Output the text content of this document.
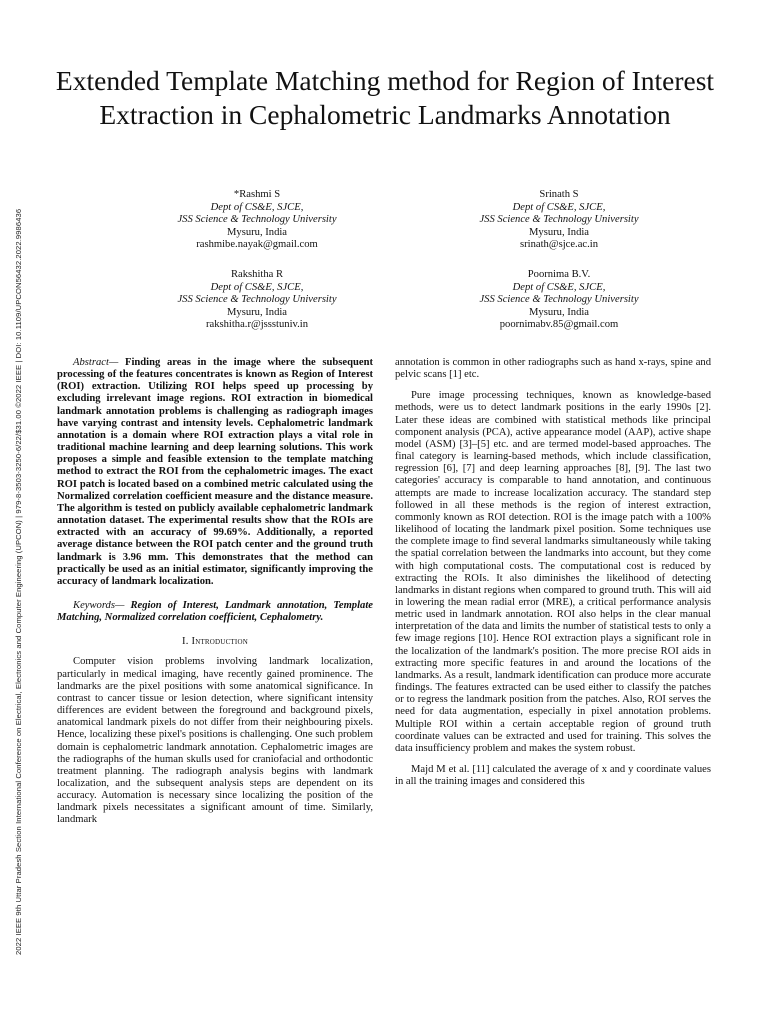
2022 IEEE 9th Uttar Pradesh Section International Conference on Electrical, Electronics and Computer Engineering (UPCON) | 979-8-3503-3250-6/22/$31.00 ©2022 IEEE | DOI: 10.1109/UPCON56432.2022.9986436
Extended Template Matching method for Region of Interest Extraction in Cephalometric Landmarks Annotation
*Rashmi S
Dept of CS&E, SJCE,
JSS Science & Technology University
Mysuru, India
rashmibe.nayak@gmail.com
Srinath S
Dept of CS&E, SJCE,
JSS Science & Technology University
Mysuru, India
srinath@sjce.ac.in
Rakshitha R
Dept of CS&E, SJCE,
JSS Science & Technology University
Mysuru, India
rakshitha.r@jssstuniv.in
Poornima B.V.
Dept of CS&E, SJCE,
JSS Science & Technology University
Mysuru, India
poornimabv.85@gmail.com

Abstract— Finding areas in the image where the subsequent processing of the features concentrates is known as Region of Interest (ROI) extraction. Utilizing ROI helps speed up processing by excluding irrelevant image regions. ROI extraction in biomedical landmark annotation problems is challenging as radiograph images have varying contrast and intensity levels. Cephalometric landmark annotation is a domain where ROI extraction plays a vital role in traditional machine learning and deep learning solutions. This work proposes a simple and feasible extension to the template matching method to extract the ROI from the cephalometric images. The exact ROI patch is located based on a combined metric calculated using the Normalized correlation coefficient measure and the distance measure. The algorithm is tested on publicly available cephalometric landmark annotation dataset. The experimental results show that the ROIs are extracted with an accuracy of 99.69%. Additionally, a reported average distance between the ROI patch center and the ground truth landmark is 3.96 mm. This demonstrates that the method can practically be used as an initial estimator, significantly improving the accuracy of landmark localization.

Keywords— Region of Interest, Landmark annotation, Template Matching, Normalized correlation coefficient, Cephalometry.

I. Introduction

Computer vision problems involving landmark localization, particularly in medical imaging, have recently gained prominence. The landmarks are the pixel positions with some anatomical significance. In contrast to cancer tissue or lesion detection, where significant intensity differences are evident between the foreground and background pixels, anatomical landmark pixels do not differ from their neighbouring pixels. Hence, localizing these pixel's positions is challenging. One such problem domain is cephalometric landmark annotation. Cephalometric images are the radiographs of the human skulls used for craniofacial and orthodontic treatment planning. The radiograph analysis begins with landmark localization, and the subsequent analysis steps are dependent on its accuracy. Automation is necessary since localizing the position of the landmark pixels necessitates a significant amount of time. Similarly, landmark

annotation is common in other radiographs such as hand x-rays, spine and pelvic scans [1] etc.

Pure image processing techniques, known as knowledge-based methods, were us to detect landmark positions in the early 1990s [2]. Later these ideas are combined with statistical methods like principal component analysis (PCA), active appearance model (AAP), active shape model (ASM) [3]–[5] etc. and are termed model-based approaches. The final category is learning-based methods, which include classification, regression [6], [7] and deep learning approaches [8], [9]. The last two categories' accuracy is comparable to hand annotation, and continuous attempts are made to increase localization accuracy. The standard step followed in all these methods is the region of interest extraction, commonly known as ROI detection. ROI is the image patch with a 100% likelihood of locating the landmark pixel position. Some techniques use the complete image to find several landmarks simultaneously while taking the spatial correlation between the landmarks into account, but they come with high computational costs. The computational cost is reduced by extracting the ROIs. It also diminishes the likelihood of detecting landmarks in distant regions when compared to ground truth. This will aid in lowering the mean radial error (MRE), a critical performance analysis metric used in landmark annotation. ROI also helps in the clear manual interpretation of the data and limits the number of statistical tests to only a few image regions [10]. Hence ROI extraction plays a significant role in the localization of the landmark's position. The more precise ROI aids in extracting more specific features in and around the locations of the landmarks. As a result, landmark identification can produce more accurate findings. The features extracted can be used either to classify the patches or to regress the landmark position from the patches. Also, ROI serves the need for data augmentation, especially in pixel annotation problems. Multiple ROI within a certain acceptable region of ground truth coordinate values can be extracted and used for training. This solves the data insufficiency problem and makes the system robust.

Majd M et al. [11] calculated the average of x and y coordinate values in all the training images and considered this
